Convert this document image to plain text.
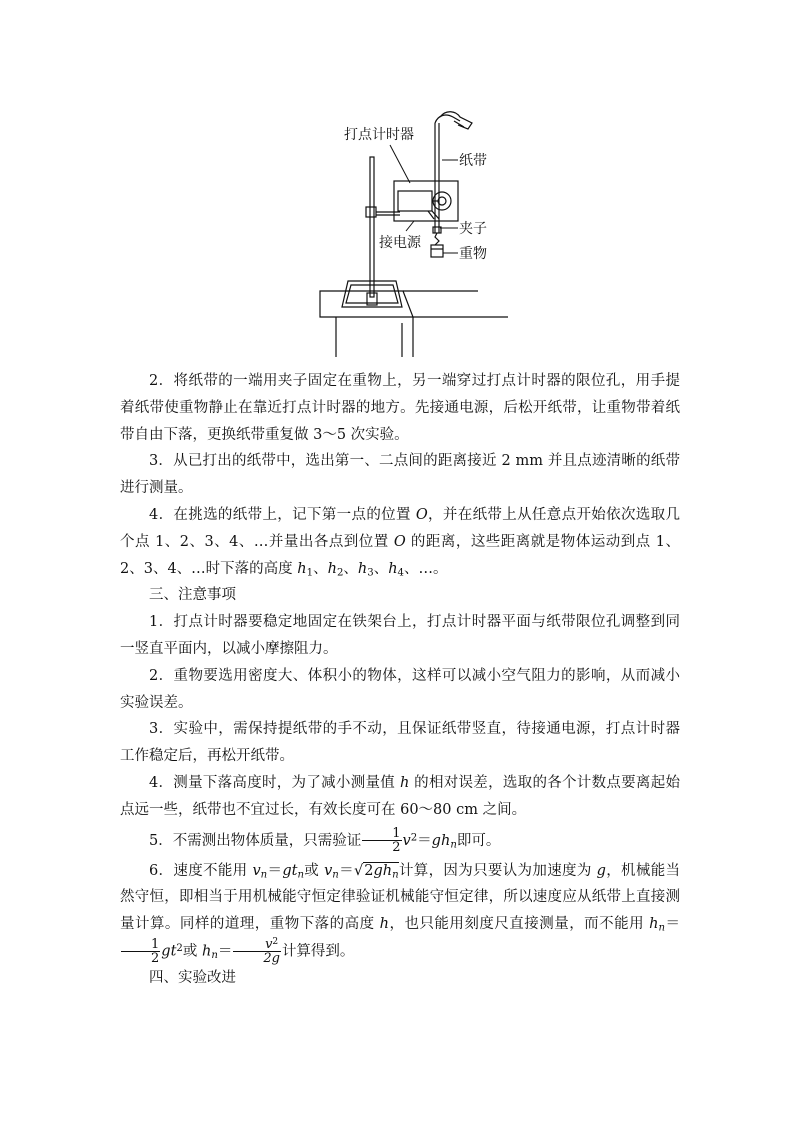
打点计时器
纸带
夹子
接电源
重物

2．将纸带的一端用夹子固定在重物上，另一端穿过打点计时器的限位孔，用手提着纸带使重物静止在靠近打点计时器的地方。先接通电源，后松开纸带，让重物带着纸带自由下落，更换纸带重复做 3～5 次实验。

3．从已打出的纸带中，选出第一、二点间的距离接近 2 mm 并且点迹清晰的纸带进行测量。

4．在挑选的纸带上，记下第一点的位置 O，并在纸带上从任意点开始依次选取几个点 1、2、3、4、…并量出各点到位置 O 的距离，这些距离就是物体运动到点 1、2、3、4、…时下落的高度 $h_1$、$h_2$、$h_3$、$h_4$、…。

三、注意事项

1．打点计时器要稳定地固定在铁架台上，打点计时器平面与纸带限位孔调整到同一竖直平面内，以减小摩擦阻力。

2．重物要选用密度大、体积小的物体，这样可以减小空气阻力的影响，从而减小实验误差。

3．实验中，需保持提纸带的手不动，且保证纸带竖直，待接通电源，打点计时器工作稳定后，再松开纸带。

4．测量下落高度时，为了减小测量值 h 的相对误差，选取的各个计数点要离起始点远一些，纸带也不宜过长，有效长度可在 60～80 cm 之间。

5．不需测出物体质量，只需验证 $\frac{1}{2} v^2=gh_n$即可。

6．速度不能用 $v_n=gt_n$或 $v_n=√2gh_n$计算，因为只要认为加速度为 g，机械能当然守恒，即相当于用机械能守恒定律验证机械能守恒定律，所以速度应从纸带上直接测量计算。同样的道理，重物下落的高度 h，也只能用刻度尺直接测量，而不能用 $h_n=$
$\frac{1}{2} gt^2$或 $h_n= \frac{v^2}{2g}$ 计算得到。

四、实验改进
